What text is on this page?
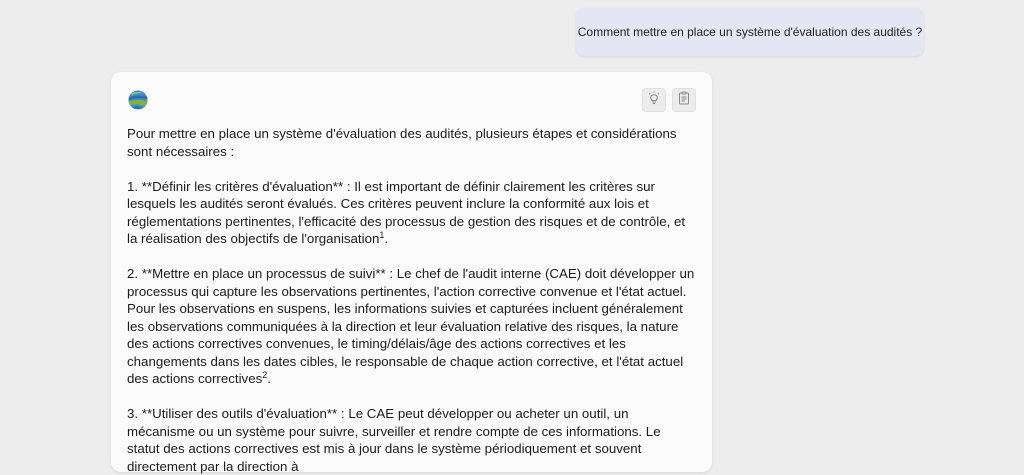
Comment mettre en place un système d'évaluation des audités ?

Pour mettre en place un système d'évaluation des audités, plusieurs étapes et considérations sont nécessaires :

1. **Définir les critères d'évaluation** : Il est important de définir clairement les critères sur lesquels les audités seront évalués. Ces critères peuvent inclure la conformité aux lois et réglementations pertinentes, l'efficacité des processus de gestion des risques et de contrôle, et la réalisation des objectifs de l'organisation$^1$.

2. **Mettre en place un processus de suivi** : Le chef de l'audit interne (CAE) doit développer un processus qui capture les observations pertinentes, l'action corrective convenue et l'état actuel. Pour les observations en suspens, les informations suivies et capturées incluent généralement les observations communiquées à la direction et leur évaluation relative des risques, la nature des actions correctives convenues, le timing/délais/âge des actions correctives et les changements dans les dates cibles, le responsable de chaque action corrective, et l'état actuel des actions correctives$^2$.

3. **Utiliser des outils d'évaluation** : Le CAE peut développer ou acheter un outil, un mécanisme ou un système pour suivre, surveiller et rendre compte de ces informations. Le statut des actions correctives est mis à jour dans le système périodiquement et souvent directement par la direction à
